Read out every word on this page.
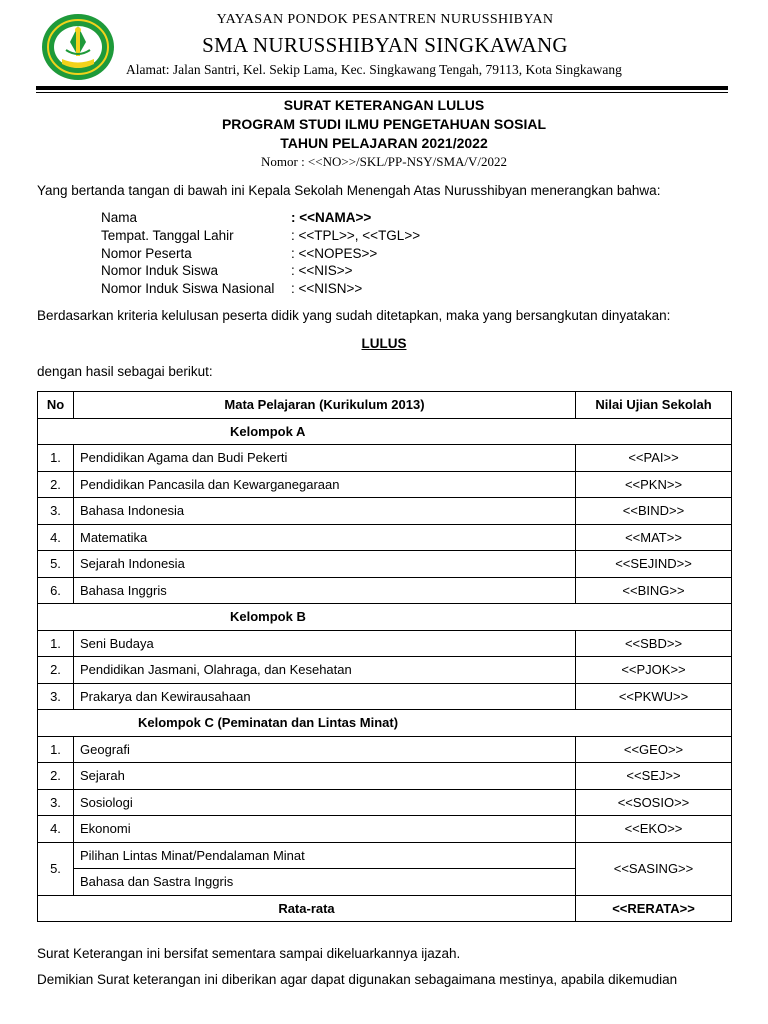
YAYASAN PONDOK PESANTREN NURUSSHIBYAN
SMA NURUSSHIBYAN SINGKAWANG
Alamat: Jalan Santri, Kel. Sekip Lama, Kec. Singkawang Tengah, 79113, Kota Singkawang
SURAT KETERANGAN LULUS
PROGRAM STUDI ILMU PENGETAHUAN SOSIAL
TAHUN PELAJARAN 2021/2022
Nomor : <<NO>>/SKL/PP-NSY/SMA/V/2022
Yang bertanda tangan di bawah ini Kepala Sekolah Menengah Atas Nurusshibyan menerangkan bahwa:
Nama	: <<NAMA>>
Tempat. Tanggal Lahir	: <<TPL>>, <<TGL>>
Nomor Peserta	: <<NOPES>>
Nomor Induk Siswa	: <<NIS>>
Nomor Induk Siswa Nasional : <<NISN>>
Berdasarkan kriteria kelulusan peserta didik yang sudah ditetapkan, maka yang bersangkutan dinyatakan:
LULUS
dengan hasil sebagai berikut:
No	Mata Pelajaran (Kurikulum 2013)	Nilai Ujian Sekolah
Kelompok A		
1.	Pendidikan Agama dan Budi Pekerti	<<PAI>>
2.	Pendidikan Pancasila dan Kewarganegaraan	<<PKN>>
3.	Bahasa Indonesia	<<BIND>>
4.	Matematika	<<MAT>>
5.	Sejarah Indonesia	<<SEJIND>>
6.	Bahasa Inggris	<<BING>>
Kelompok B		
1.	Seni Budaya	<<SBD>>
2.	Pendidikan Jasmani, Olahraga, dan Kesehatan	<<PJOK>>
3.	Prakarya dan Kewirausahaan	<<PKWU>>
Kelompok C (Peminatan dan Lintas Minat)		
1.	Geografi	<<GEO>>
2.	Sejarah	<<SEJ>>
3.	Sosiologi	<<SOSIO>>
4.	Ekonomi	<<EKO>>
5.	Pilihan Lintas Minat/Pendalaman Minat	<<SASING>>
	Bahasa dan Sastra Inggris	
Rata-rata		<<RERATA>>
Surat Keterangan ini bersifat sementara sampai dikeluarkannya ijazah.
Demikian Surat keterangan ini diberikan agar dapat digunakan sebagaimana mestinya, apabila dikemudian
